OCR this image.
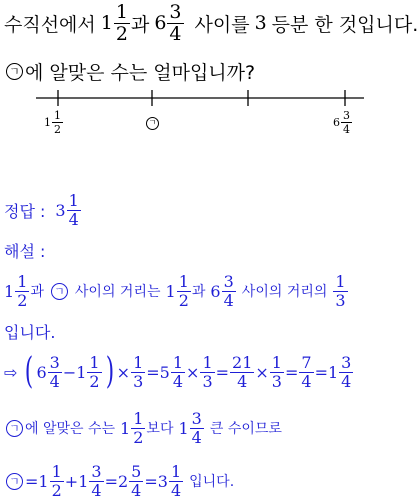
수직선에서 $1 \frac{1}{2}$ 과 $6 \frac{3}{4}$ 사이를 3 등분 한 것입니다.
ㄱ 에 알맞은 수는 얼마입니까?
$1 \frac{1}{2}$	ㄱ	$6 \frac{3}{4}$
정답 : $3 \frac{1}{4}$
해설 :
$1 \frac{1}{2}$ 과 ㄱ 사이의 거리는 $1 \frac{1}{2}$ 과 $6 \frac{3}{4}$ 사이의 거리의 $\frac{1}{3}$
입니다.
⇨ ( $6 \frac{3}{4} - 1 \frac{1}{2}$ ) × $\frac{1}{3} = 5 \frac{1}{4} \times \frac{1}{3} = \frac{21}{4} \times \frac{1}{3} = \frac{7}{4} = 1 \frac{3}{4}$
ㄱ 에 알맞은 수는 $1 \frac{1}{2}$ 보다 $1 \frac{3}{4}$ 큰 수이므로
ㄱ = $1 \frac{1}{2} + 1 \frac{3}{4} = 2 \frac{5}{4} = 3 \frac{1}{4}$ 입니다.
